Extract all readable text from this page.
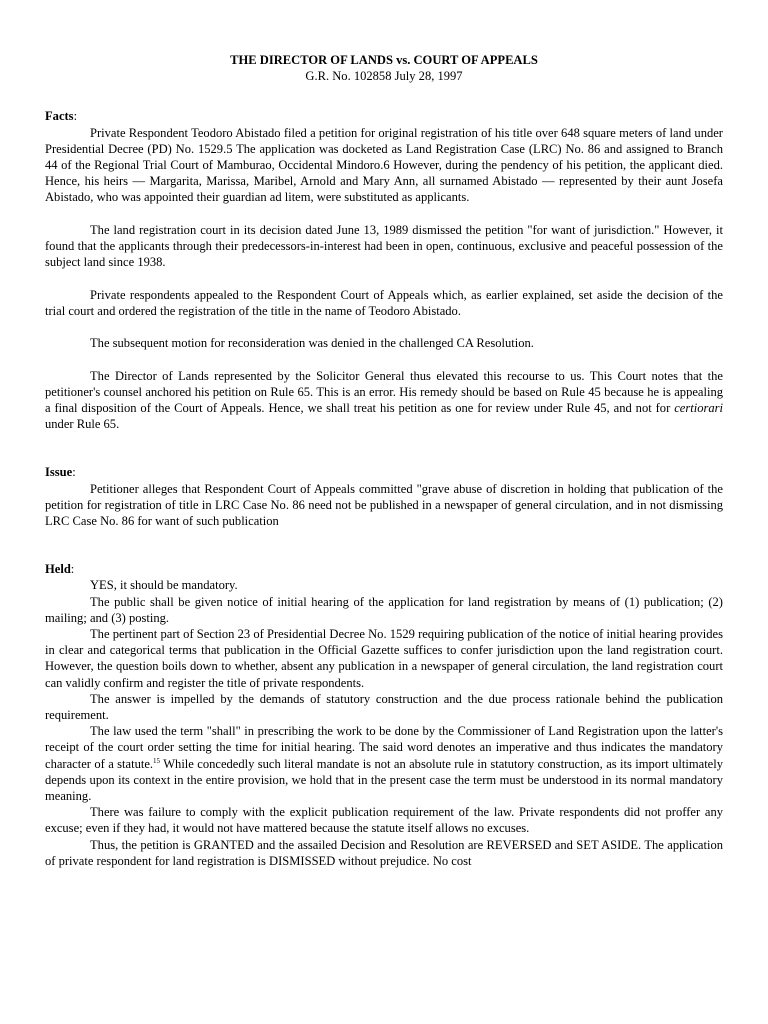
THE DIRECTOR OF LANDS vs. COURT OF APPEALS

G.R. No. 102858 July 28, 1997

Facts:

Private Respondent Teodoro Abistado filed a petition for original registration of his title over 648 square meters of land under Presidential Decree (PD) No. 1529.5 The application was docketed as Land Registration Case (LRC) No. 86 and assigned to Branch 44 of the Regional Trial Court of Mamburao, Occidental Mindoro.6 However, during the pendency of his petition, the applicant died. Hence, his heirs — Margarita, Marissa, Maribel, Arnold and Mary Ann, all surnamed Abistado — represented by their aunt Josefa Abistado, who was appointed their guardian ad litem, were substituted as applicants.

The land registration court in its decision dated June 13, 1989 dismissed the petition "for want of jurisdiction." However, it found that the applicants through their predecessors-in-interest had been in open, continuous, exclusive and peaceful possession of the subject land since 1938.

Private respondents appealed to the Respondent Court of Appeals which, as earlier explained, set aside the decision of the trial court and ordered the registration of the title in the name of Teodoro Abistado.

The subsequent motion for reconsideration was denied in the challenged CA Resolution.

The Director of Lands represented by the Solicitor General thus elevated this recourse to us. This Court notes that the petitioner's counsel anchored his petition on Rule 65. This is an error. His remedy should be based on Rule 45 because he is appealing a final disposition of the Court of Appeals. Hence, we shall treat his petition as one for review under Rule 45, and not for certiorari under Rule 65.

Issue:

Petitioner alleges that Respondent Court of Appeals committed "grave abuse of discretion in holding that publication of the petition for registration of title in LRC Case No. 86 need not be published in a newspaper of general circulation, and in not dismissing LRC Case No. 86 for want of such publication

Held:

YES, it should be mandatory.

The public shall be given notice of initial hearing of the application for land registration by means of (1) publication; (2) mailing; and (3) posting.

The pertinent part of Section 23 of Presidential Decree No. 1529 requiring publication of the notice of initial hearing provides in clear and categorical terms that publication in the Official Gazette suffices to confer jurisdiction upon the land registration court. However, the question boils down to whether, absent any publication in a newspaper of general circulation, the land registration court can validly confirm and register the title of private respondents.

The answer is impelled by the demands of statutory construction and the due process rationale behind the publication requirement.

The law used the term "shall" in prescribing the work to be done by the Commissioner of Land Registration upon the latter's receipt of the court order setting the time for initial hearing. The said word denotes an imperative and thus indicates the mandatory character of a statute.$^{15}$ While concededly such literal mandate is not an absolute rule in statutory construction, as its import ultimately depends upon its context in the entire provision, we hold that in the present case the term must be understood in its normal mandatory meaning.

There was failure to comply with the explicit publication requirement of the law. Private respondents did not proffer any excuse; even if they had, it would not have mattered because the statute itself allows no excuses.

Thus, the petition is GRANTED and the assailed Decision and Resolution are REVERSED and SET ASIDE. The application of private respondent for land registration is DISMISSED without prejudice. No cost
